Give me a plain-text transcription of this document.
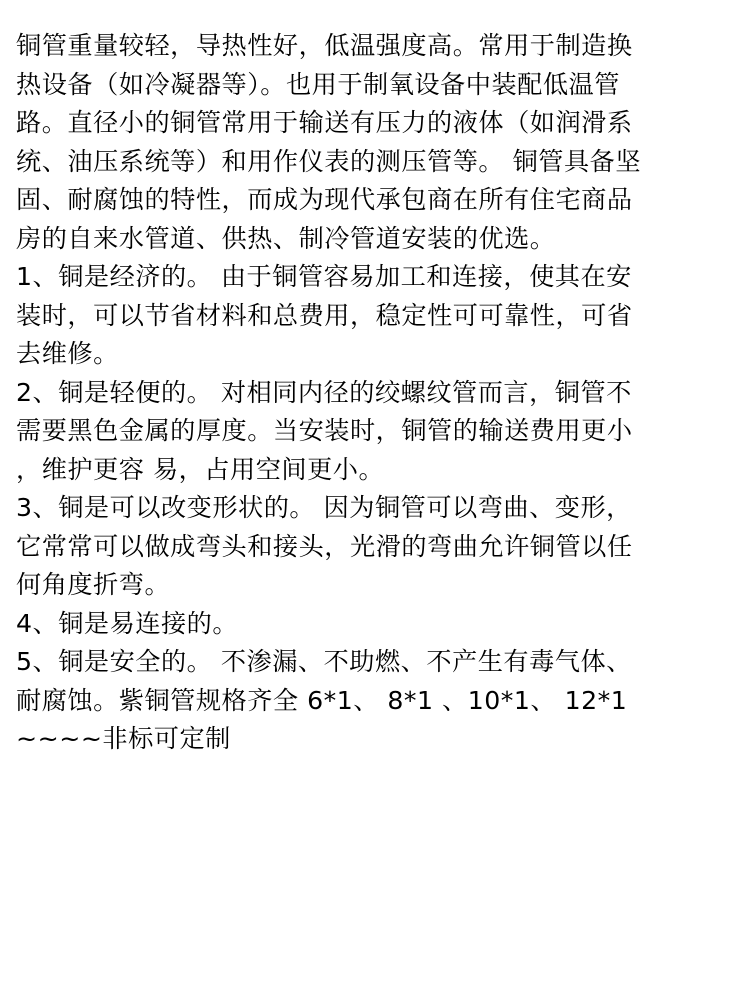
铜管重量较轻，导热性好，低温强度高。常用于制造换
热设备（如冷凝器等）。也用于制氧设备中装配低温管
路。直径小的铜管常用于输送有压力的液体（如润滑系
统、油压系统等）和用作仪表的测压管等。 铜管具备坚
固、耐腐蚀的特性，而成为现代承包商在所有住宅商品
房的自来水管道、供热、制冷管道安装的优选。
1、铜是经济的。 由于铜管容易加工和连接，使其在安
装时，可以节省材料和总费用，稳定性可可靠性，可省
去维修。
2、铜是轻便的。 对相同内径的绞螺纹管而言，铜管不
需要黑色金属的厚度。当安装时，铜管的输送费用更小
，维护更容 易，占用空间更小。
3、铜是可以改变形状的。 因为铜管可以弯曲、变形，
它常常可以做成弯头和接头，光滑的弯曲允许铜管以任
何角度折弯。
4、铜是易连接的。
5、铜是安全的。 不渗漏、不助燃、不产生有毒气体、
耐腐蚀。紫铜管规格齐全 6*1、 8*1 、10*1、 12*1
~~~~非标可定制
